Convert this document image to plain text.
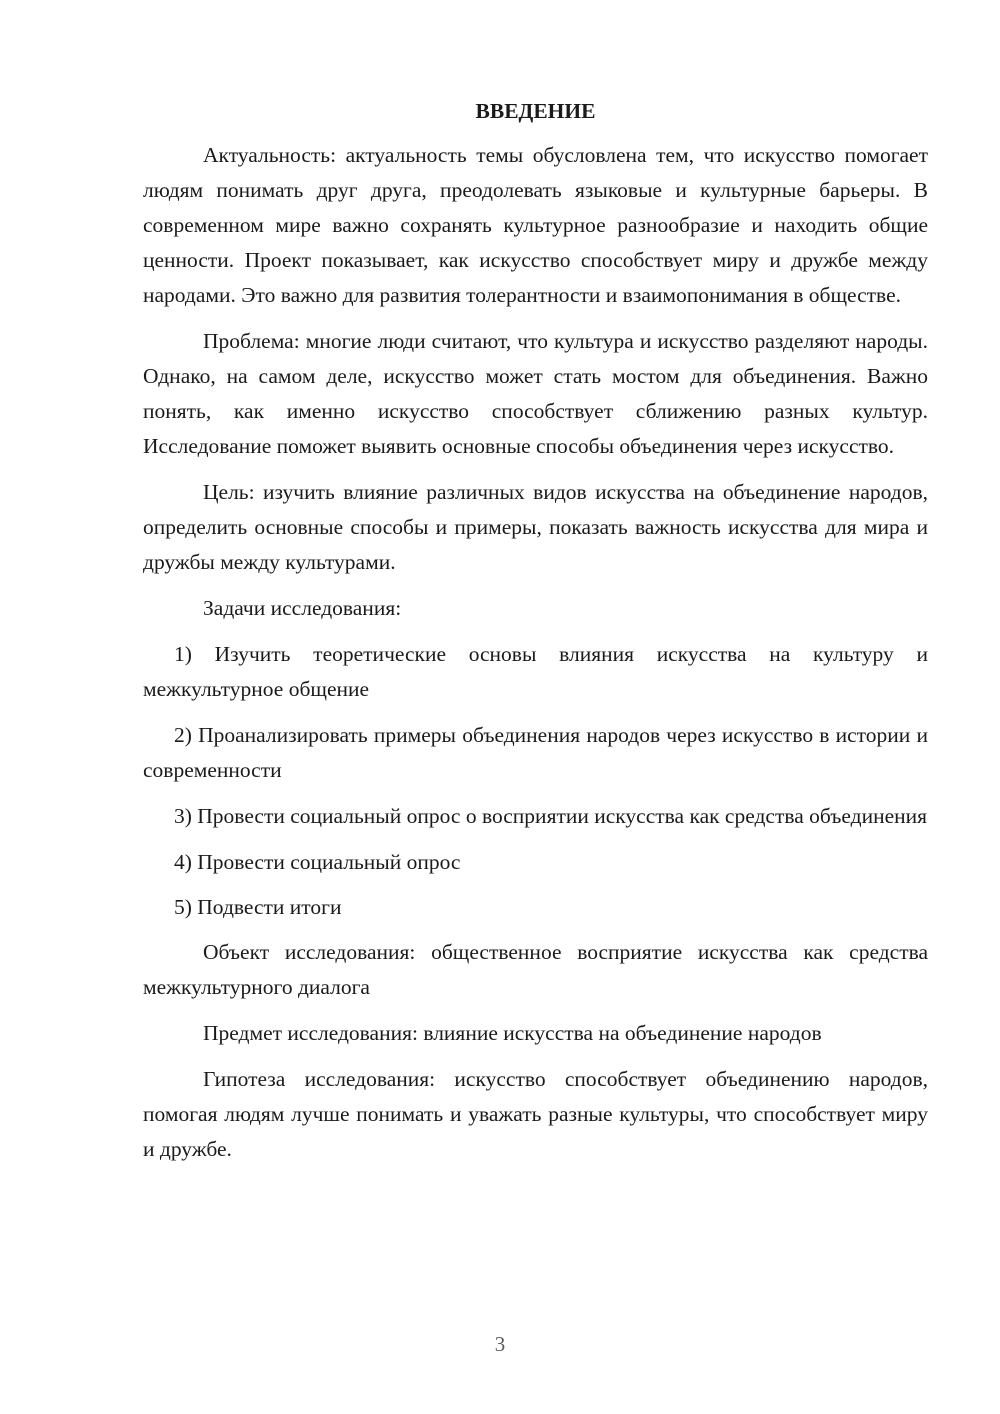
ВВЕДЕНИЕ

Актуальность: актуальность темы обусловлена тем, что искусство помогает людям понимать друг друга, преодолевать языковые и культурные барьеры. В современном мире важно сохранять культурное разнообразие и находить общие ценности. Проект показывает, как искусство способствует миру и дружбе между народами. Это важно для развития толерантности и взаимопонимания в обществе.

Проблема: многие люди считают, что культура и искусство разделяют народы. Однако, на самом деле, искусство может стать мостом для объединения. Важно понять, как именно искусство способствует сближению разных культур. Исследование поможет выявить основные способы объединения через искусство.

Цель: изучить влияние различных видов искусства на объединение народов, определить основные способы и примеры, показать важность искусства для мира и дружбы между культурами.

Задачи исследования:

1) Изучить теоретические основы влияния искусства на культуру и межкультурное общение

2) Проанализировать примеры объединения народов через искусство в истории и современности

3) Провести социальный опрос о восприятии искусства как средства объединения

4) Провести социальный опрос

5) Подвести итоги

Объект исследования: общественное восприятие искусства как средства межкультурного диалога

Предмет исследования: влияние искусства на объединение народов

Гипотеза исследования: искусство способствует объединению народов, помогая людям лучше понимать и уважать разные культуры, что способствует миру и дружбе.

3
